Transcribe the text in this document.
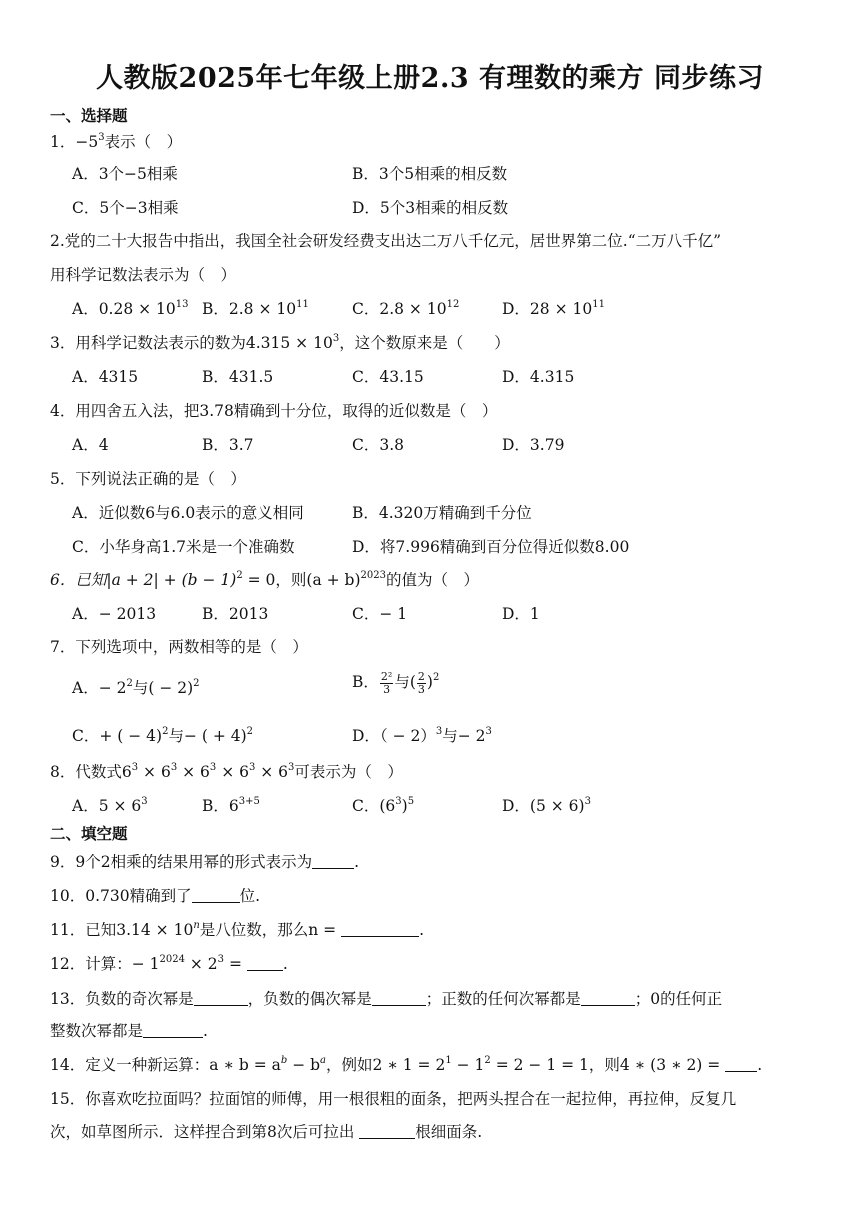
人教版2025年七年级上册2.3 有理数的乘方 同步练习
一、选择题
1．$-5^3$表示（　）
A．3个−5相乘	B．3个5相乘的相反数
C．5个−3相乘	D．5个3相乘的相反数
2.党的二十大报告中指出，我国全社会研发经费支出达二万八千亿元，居世界第二位.“二万八千亿”
用科学记数法表示为（　）
A．$0.28 \times 10^{13}$ B．$2.8 \times 10^{11}$	C．$2.8 \times 10^{12}$	D．$28 \times 10^{11}$
3．用科学记数法表示的数为$4.315 \times 10^3$，这个数原来是（　　）
A．4315	B．431.5	C．43.15	D．4.315
4．用四舍五入法，把3.78精确到十分位，取得的近似数是（　）
A．4	B．3.7	C．3.8	D．3.79
5．下列说法正确的是（　）
A．近似数6与6.0表示的意义相同	B．4.320万精确到千分位
C．小华身高1.7米是一个准确数	D．将7.996精确到百分位得近似数8.00
6．已知$|a + 2| + (b - 1)^2 = 0$，则$(a + b)^{2023}$的值为（　）
A．− 2013	B．2013	C．− 1	D．1
7．下列选项中，两数相等的是（　）
A．− $2^2$与( − 2)$^2$	B． $\frac{\text{2²}}{3}$ 与( $\frac{2}{3} )^2$
C．+ ( − 4)$^2$与− ( + 4)$^2$	D．（ − 2）$^3$与− $2^3$
8．代数式$6^3 \times 6^3 \times 6^3 \times 6^3 \times 6^3$可表示为（　）
A．$5 \times 6^3$	B．$6^{3+5}$	C．$(6^3)^5$	D．$(5 \times 6)^3$
二、填空题
9．9个2相乘的结果用幂的形式表示为	.
10．0.730精确到了	位.
11．已知$3.14 \times 10^n$是八位数，那么n =	.
12．计算：− $1^{2024} \times 2^3$ = .
13．负数的奇次幂是	，负数的偶次幂是	；正数的任何次幂都是	；0的任何正
整数次幂都是	.
14．定义一种新运算：a ∗ $b = a^b - b^a$，例如2 ∗ $1 = 2^1 - 1^2 = 2 - 1 = 1$，则4 ∗ (3 ∗ 2) = .
15．你喜欢吃拉面吗？拉面馆的师傅，用一根很粗的面条，把两头捏合在一起拉伸，再拉伸，反复几
次，如草图所示．这样捏合到第8次后可拉出	根细面条.
